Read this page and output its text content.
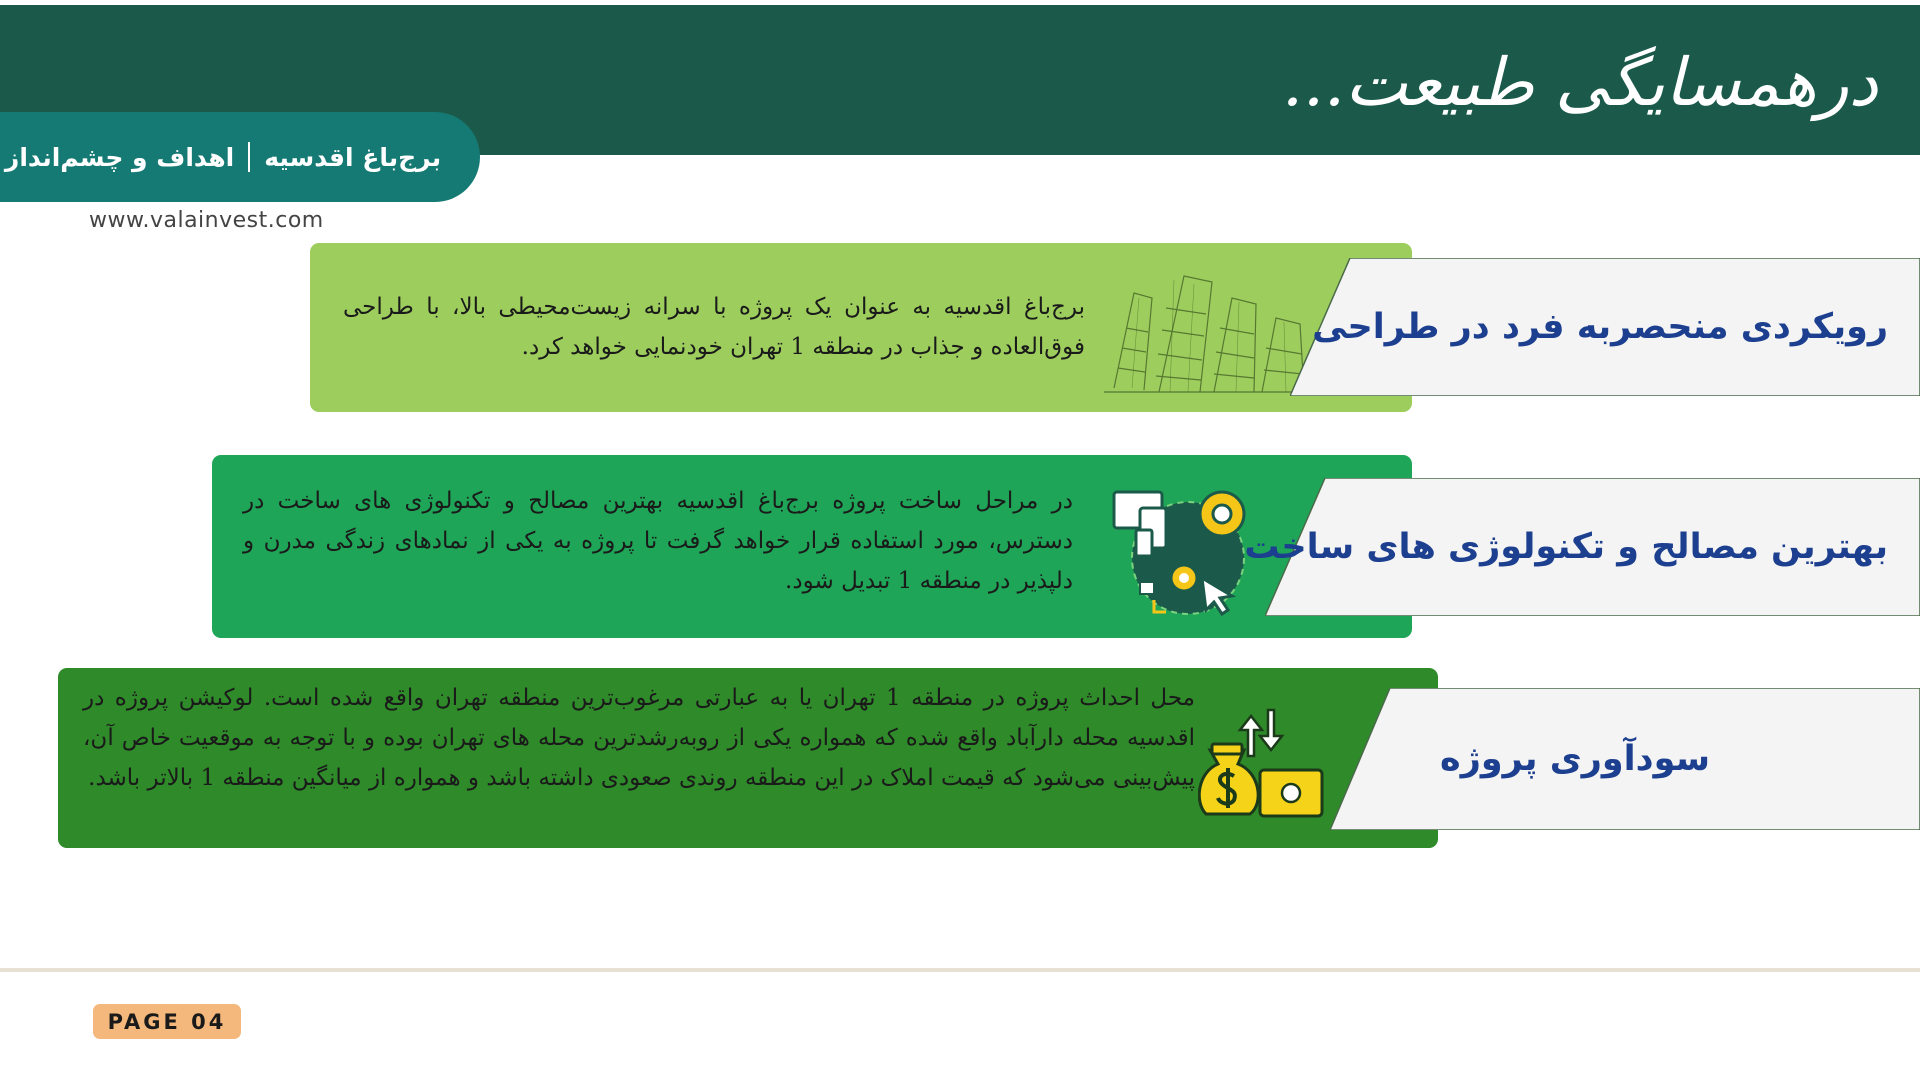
درهمسایگی طبیعت...
برج‌باغ اقدسیه
اهداف و چشم‌انداز
www.valainvest.com

برج‌باغ اقدسیه به عنوان یک پروژه با سرانه زیست‌محیطی بالا، با طراحی فوق‌العاده و جذاب در منطقه 1 تهران خودنمایی خواهد کرد.	رویکردی منحصربه فرد در طراحی

در مراحل ساخت پروژه برج‌باغ اقدسیه بهترین مصالح و تکنولوژی های ساخت در دسترس، مورد استفاده قرار خواهد گرفت تا پروژه به یکی از نمادهای زندگی مدرن و دلپذیر در منطقه 1 تبدیل شود.

بهترین مصالح و تکنولوژی های ساخت

محل احداث پروژه در منطقه 1 تهران یا به عبارتی مرغوب‌ترین منطقه تهران واقع شده است. لوکیشن پروژه در اقدسیه محله دارآباد واقع شده که همواره یکی از روبه‌رشدترین محله های تهران بوده و با توجه به موقعیت خاص آن، پیش‌بینی می‌شود که قیمت املاک در این منطقه روندی صعودی داشته باشد و همواره از میانگین منطقه 1 بالاتر باشد.	سودآوری پروژه
PAGE 04
